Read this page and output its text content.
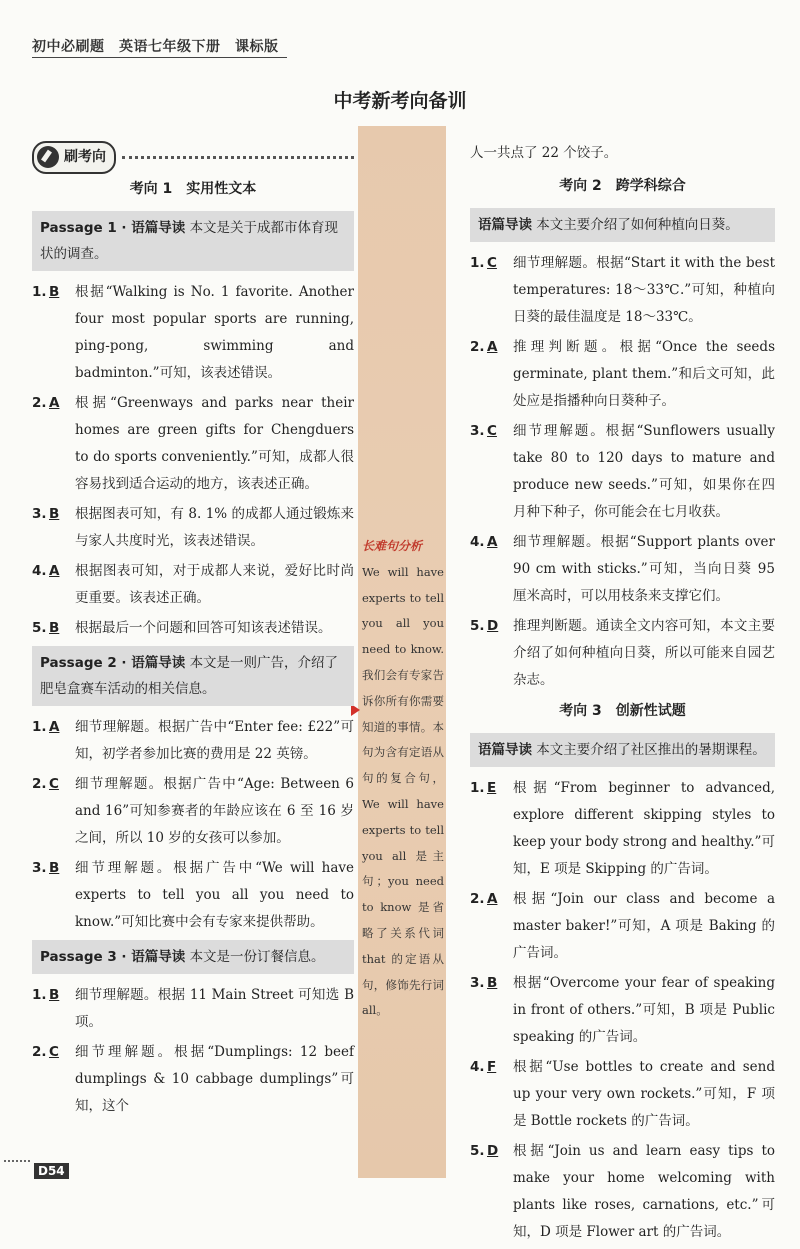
初中必刷题　英语七年级下册　课标版
中考新考向备训
长难句分析
We will have experts to tell you all you need to know. 我们会有专家告诉你所有你需要知道的事情。本句为含有定语从句的复合句，We will have experts to tell you all 是主句；you need to know 是省略了关系代词 that 的定语从句，修饰先行词 all。
刷考向
考向 1　实用性文本
Passage 1 · 语篇导读 本文是关于成都市体育现状的调查。
1. B	根据“Walking is No. 1 favorite. Another four most popular sports are running, ping-pong, swimming and badminton.”可知，该表述错误。
2. A	根据“Greenways and parks near their homes are green gifts for Chengduers to do sports conveniently.”可知，成都人很容易找到适合运动的地方，该表述正确。
3. B	根据图表可知，有 8. 1% 的成都人通过锻炼来与家人共度时光，该表述错误。
4. A	根据图表可知，对于成都人来说，爱好比时尚更重要。该表述正确。
5. B	根据最后一个问题和回答可知该表述错误。
Passage 2 · 语篇导读 本文是一则广告，介绍了肥皂盒赛车活动的相关信息。
1. A	细节理解题。根据广告中“Enter fee: £22”可知，初学者参加比赛的费用是 22 英镑。
2. C	细节理解题。根据广告中“Age: Between 6 and 16”可知参赛者的年龄应该在 6 至 16 岁之间，所以 10 岁的女孩可以参加。
3. B	细节理解题。根据广告中“We will have experts to tell you all you need to know.”可知比赛中会有专家来提供帮助。
Passage 3 · 语篇导读 本文是一份订餐信息。
1. B	细节理解题。根据 11 Main Street 可知选 B 项。
2. C	细节理解题。根据“Dumplings: 12 beef dumplings & 10 cabbage dumplings”可知，这个
人一共点了 22 个饺子。
考向 2　跨学科综合
语篇导读 本文主要介绍了如何种植向日葵。
1. C	细节理解题。根据“Start it with the best temperatures: 18～33℃.”可知，种植向日葵的最佳温度是 18～33℃。
2. A	推理判断题。根据“Once the seeds germinate, plant them.”和后文可知，此处应是指播种向日葵种子。
3. C	细节理解题。根据“Sunflowers usually take 80 to 120 days to mature and produce new seeds.”可知，如果你在四月种下种子，你可能会在七月收获。
4. A	细节理解题。根据“Support plants over 90 cm with sticks.”可知，当向日葵 95 厘米高时，可以用枝条来支撑它们。
5. D	推理判断题。通读全文内容可知，本文主要介绍了如何种植向日葵，所以可能来自园艺杂志。
考向 3　创新性试题
语篇导读 本文主要介绍了社区推出的暑期课程。
1. E	根据“From beginner to advanced, explore different skipping styles to keep your body strong and healthy.”可知，E 项是 Skipping 的广告词。
2. A	根据“Join our class and become a master baker!”可知，A 项是 Baking 的广告词。
3. B	根据“Overcome your fear of speaking in front of others.”可知，B 项是 Public speaking 的广告词。
4. F	根据“Use bottles to create and send up your very own rockets.”可知，F 项是 Bottle rockets 的广告词。
5. D	根据“Join us and learn easy tips to make your home welcoming with plants like roses, carnations, etc.”可知，D 项是 Flower art 的广告词。
D54
